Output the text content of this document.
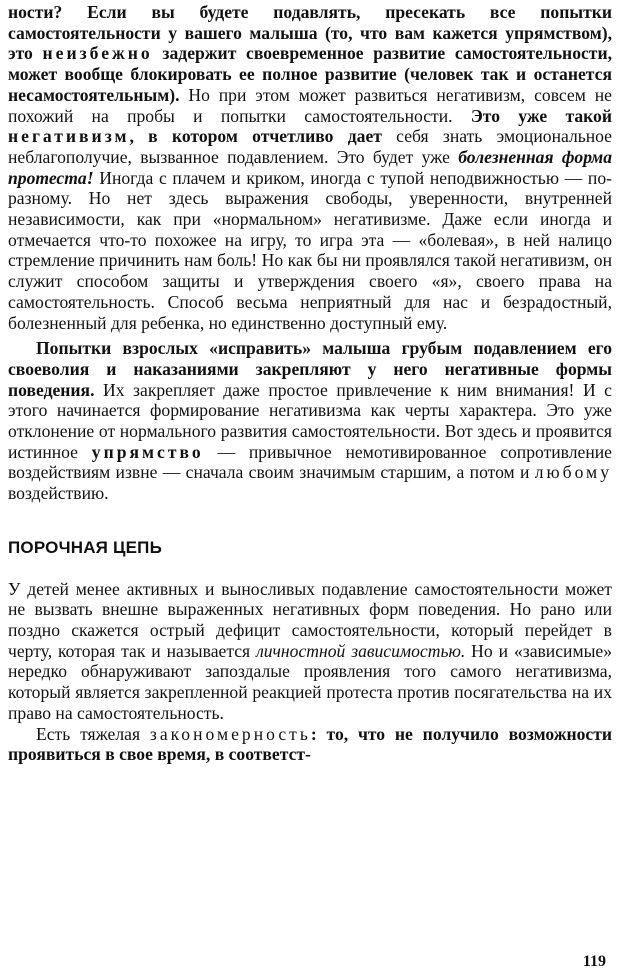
ности? Если вы будете подавлять, пресекать все попытки самостоятельности у вашего малыша (то, что вам кажется упрямством), это неизбежно задержит своевременное развитие самостоятельности, может вообще блокировать ее полное развитие (человек так и останется несамостоятельным). Но при этом может развиться негативизм, совсем не похожий на пробы и попытки самостоятельности. Это уже такой негативизм, в котором отчетливо дает себя знать эмоциональное неблагополучие, вызванное подавлением. Это будет уже болезненная форма протеста! Иногда с плачем и криком, иногда с тупой неподвижностью — по-разному. Но нет здесь выражения свободы, уверенности, внутренней независимости, как при «нормальном» негативизме. Даже если иногда и отмечается что-то похожее на игру, то игра эта — «болевая», в ней налицо стремление причинить нам боль! Но как бы ни проявлялся такой негативизм, он служит способом защиты и утверждения своего «я», своего права на самостоятельность. Способ весьма неприятный для нас и безрадостный, болезненный для ребенка, но единственно доступный ему.

Попытки взрослых «исправить» малыша грубым подавлением его своеволия и наказаниями закрепляют у него негативные формы поведения. Их закрепляет даже простое привлечение к ним внимания! И с этого начинается формирование негативизма как черты характера. Это уже отклонение от нормального развития самостоятельности. Вот здесь и проявится истинное упрямство — привычное немотивированное сопротивление воздействиям извне — сначала своим значимым старшим, а потом и любому воздействию.

ПОРОЧНАЯ ЦЕПЬ

У детей менее активных и выносливых подавление самостоятельности может не вызвать внешне выраженных негативных форм поведения. Но рано или поздно скажется острый дефицит самостоятельности, который перейдет в черту, которая так и называется личностной зависимостью. Но и «зависимые» нередко обнаруживают запоздалые проявления того самого негативизма, который является закрепленной реакцией протеста против посягательства на их право на самостоятельность.

Есть тяжелая закономерность: то, что не получило возможности проявиться в свое время, в соответст-

119
